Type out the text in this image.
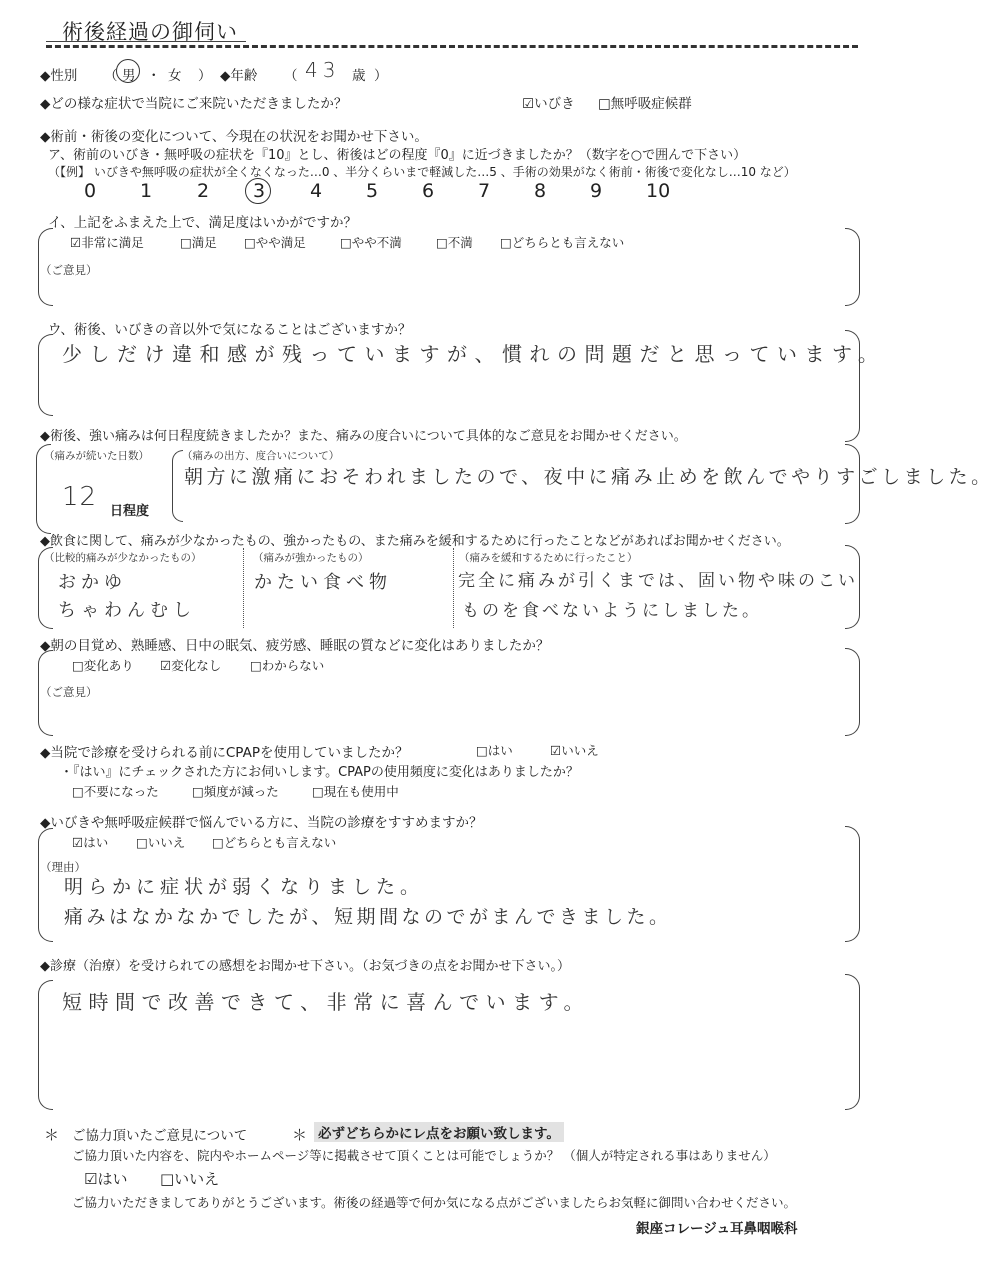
術後経過の御伺い
◆性別 （ 男 ・ 女 ） ◆年齢 （ 43 歳 ）
◆どの様な症状で当院にご来院いただきましたか？	☑いびき □無呼吸症候群
◆術前・術後の変化について、今現在の状況をお聞かせ下さい。
ア、術前のいびき・無呼吸の症状を『10』とし、術後はどの程度『0』に近づきましたか？（数字を○で囲んで下さい）
（【例】 いびきや無呼吸の症状が全くなくなった…0 、半分くらいまで軽減した…5 、手術の効果がなく術前・術後で変化なし…10 など）
0 1 2 3 4 5 6 7 8 9 10
イ、上記をふまえた上で、満足度はいかがですか？
☑非常に満足	□満足 □やや満足	□やや不満	□不満 □どちらとも言えない
（ご意見）
ウ、術後、いびきの音以外で気になることはございますか？
少しだけ違和感が残っていますが、慣れの問題だと思っています。
◆術後、強い痛みは何日程度続きましたか？また、痛みの度合いについて具体的なご意見をお聞かせください。
（痛みが続いた日数）
12 日程度
（痛みの出方、度合いについて）
朝方に激痛におそわれましたので、夜中に痛み止めを飲んでやりすごしました。
◆飲食に関して、痛みが少なかったもの、強かったもの、また痛みを緩和するために行ったことなどがあればお聞かせください。
（比較的痛みが少なかったもの）
おかゆ
ちゃわんむし
（痛みが強かったもの）
かたい食べ物
（痛みを緩和するために行ったこと）
完全に痛みが引くまでは、固い物や味のこい
ものを食べないようにしました。
◆朝の目覚め、熟睡感、日中の眠気、疲労感、睡眠の質などに変化はありましたか？
□変化あり ☑変化なし □わからない
（ご意見）
◆当院で診療を受けられる前にCPAPを使用していましたか？	□はい	☑いいえ
・『はい』にチェックされた方にお伺いします。CPAPの使用頻度に変化はありましたか？
□不要になった	□頻度が減った	□現在も使用中
◆いびきや無呼吸症候群で悩んでいる方に、当院の診療をすすめますか？
☑はい □いいえ □どちらとも言えない
（理由）
明らかに症状が弱くなりました。
痛みはなかなかでしたが、短期間なのでがまんできました。
◆診療（治療）を受けられての感想をお聞かせ下さい。（お気づきの点をお聞かせ下さい。）
短時間で改善できて、非常に喜んでいます。
＊ ご協力頂いたご意見について	＊ 必ずどちらかにレ点をお願い致します。
ご協力頂いた内容を、院内やホームページ等に掲載させて頂くことは可能でしょうか？ （個人が特定される事はありません）
☑はい □いいえ
ご協力いただきましてありがとうございます。術後の経過等で何か気になる点がございましたらお気軽に御問い合わせください。
銀座コレージュ耳鼻咽喉科
